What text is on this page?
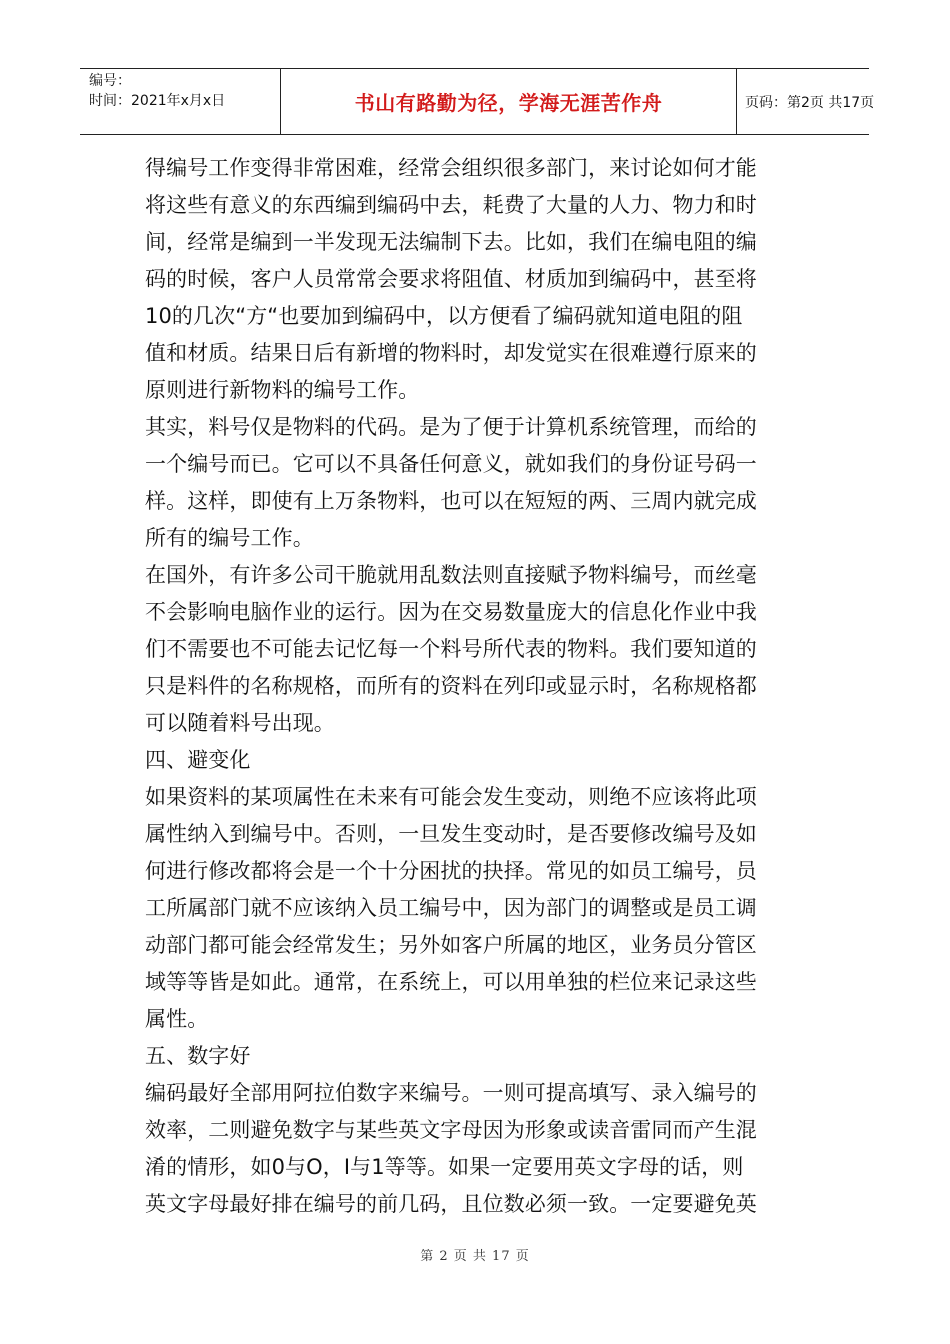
编号：
时间：2021年x月x日	书山有路勤为径，学海无涯苦作舟	页码：第2页 共17页
得编号工作变得非常困难，经常会组织很多部门，来讨论如何才能
将这些有意义的东西编到编码中去，耗费了大量的人力、物力和时
间，经常是编到一半发现无法编制下去。比如，我们在编电阻的编
码的时候，客户人员常常会要求将阻值、材质加到编码中，甚至将
10的几次“方“也要加到编码中，以方便看了编码就知道电阻的阻
值和材质。结果日后有新增的物料时，却发觉实在很难遵行原来的
原则进行新物料的编号工作。
其实，料号仅是物料的代码。是为了便于计算机系统管理，而给的
一个编号而已。它可以不具备任何意义，就如我们的身份证号码一
样。这样，即使有上万条物料，也可以在短短的两、三周内就完成
所有的编号工作。
在国外，有许多公司干脆就用乱数法则直接赋予物料编号，而丝毫
不会影响电脑作业的运行。因为在交易数量庞大的信息化作业中我
们不需要也不可能去记忆每一个料号所代表的物料。我们要知道的
只是料件的名称规格，而所有的资料在列印或显示时，名称规格都
可以随着料号出现。
四、避变化
如果资料的某项属性在未来有可能会发生变动，则绝不应该将此项
属性纳入到编号中。否则，一旦发生变动时，是否要修改编号及如
何进行修改都将会是一个十分困扰的抉择。常见的如员工编号，员
工所属部门就不应该纳入员工编号中，因为部门的调整或是员工调
动部门都可能会经常发生；另外如客户所属的地区，业务员分管区
域等等皆是如此。通常，在系统上，可以用单独的栏位来记录这些
属性。
五、数字好
编码最好全部用阿拉伯数字来编号。一则可提高填写、录入编号的
效率，二则避免数字与某些英文字母因为形象或读音雷同而产生混
淆的情形，如0与O，I与1等等。如果一定要用英文字母的话，则
英文字母最好排在编号的前几码，且位数必须一致。一定要避免英
第 2 页 共 17 页
